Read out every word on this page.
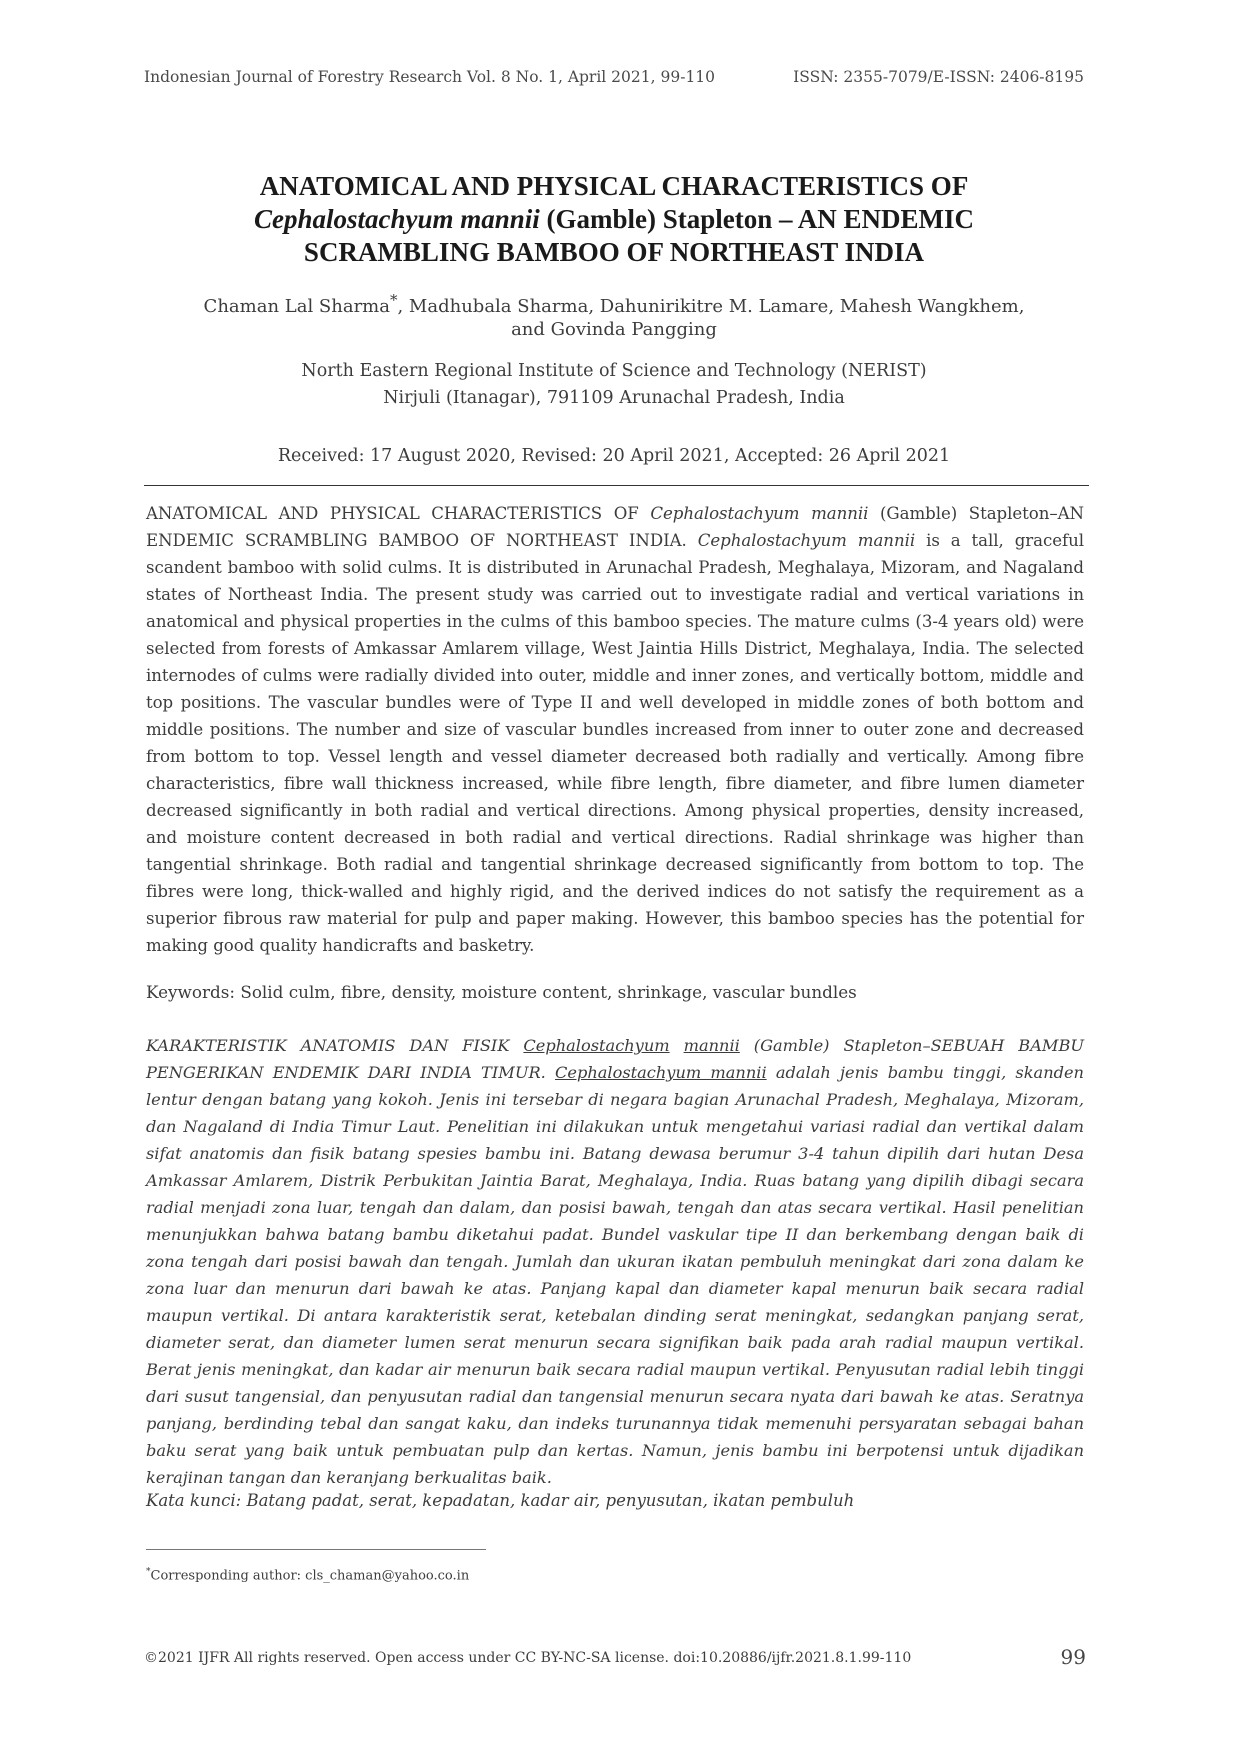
Indonesian Journal of Forestry Research Vol. 8 No. 1, April 2021, 99-110	ISSN: 2355-7079/E-ISSN: 2406-8195
ANATOMICAL AND PHYSICAL CHARACTERISTICS OF
Cephalostachyum mannii (Gamble) Stapleton – AN ENDEMIC
SCRAMBLING BAMBOO OF NORTHEAST INDIA
Chaman Lal Sharma*, Madhubala Sharma, Dahunirikitre M. Lamare, Mahesh Wangkhem,
and Govinda Pangging
North Eastern Regional Institute of Science and Technology (NERIST)
Nirjuli (Itanagar), 791109 Arunachal Pradesh, India
Received: 17 August 2020, Revised: 20 April 2021, Accepted: 26 April 2021
ANATOMICAL AND PHYSICAL CHARACTERISTICS OF Cephalostachyum mannii (Gamble) Stapleton–AN ENDEMIC SCRAMBLING BAMBOO OF NORTHEAST INDIA. Cephalostachyum mannii is a tall, graceful scandent bamboo with solid culms. It is distributed in Arunachal Pradesh, Meghalaya, Mizoram, and Nagaland states of Northeast India. The present study was carried out to investigate radial and vertical variations in anatomical and physical properties in the culms of this bamboo species. The mature culms (3-4 years old) were selected from forests of Amkassar Amlarem village, West Jaintia Hills District, Meghalaya, India. The selected internodes of culms were radially divided into outer, middle and inner zones, and vertically bottom, middle and top positions. The vascular bundles were of Type II and well developed in middle zones of both bottom and middle positions. The number and size of vascular bundles increased from inner to outer zone and decreased from bottom to top. Vessel length and vessel diameter decreased both radially and vertically. Among fibre characteristics, fibre wall thickness increased, while fibre length, fibre diameter, and fibre lumen diameter decreased significantly in both radial and vertical directions. Among physical properties, density increased, and moisture content decreased in both radial and vertical directions. Radial shrinkage was higher than tangential shrinkage. Both radial and tangential shrinkage decreased significantly from bottom to top. The fibres were long, thick-walled and highly rigid, and the derived indices do not satisfy the requirement as a superior fibrous raw material for pulp and paper making. However, this bamboo species has the potential for making good quality handicrafts and basketry.
Keywords: Solid culm, fibre, density, moisture content, shrinkage, vascular bundles
KARAKTERISTIK ANATOMIS DAN FISIK Cephalostachyum mannii (Gamble) Stapleton–SEBUAH BAMBU PENGERIKAN ENDEMIK DARI INDIA TIMUR. Cephalostachyum mannii adalah jenis bambu tinggi, skanden lentur dengan batang yang kokoh. Jenis ini tersebar di negara bagian Arunachal Pradesh, Meghalaya, Mizoram, dan Nagaland di India Timur Laut. Penelitian ini dilakukan untuk mengetahui variasi radial dan vertikal dalam sifat anatomis dan fisik batang spesies bambu ini. Batang dewasa berumur 3-4 tahun dipilih dari hutan Desa Amkassar Amlarem, Distrik Perbukitan Jaintia Barat, Meghalaya, India. Ruas batang yang dipilih dibagi secara radial menjadi zona luar, tengah dan dalam, dan posisi bawah, tengah dan atas secara vertikal. Hasil penelitian menunjukkan bahwa batang bambu diketahui padat. Bundel vaskular tipe II dan berkembang dengan baik di zona tengah dari posisi bawah dan tengah. Jumlah dan ukuran ikatan pembuluh meningkat dari zona dalam ke zona luar dan menurun dari bawah ke atas. Panjang kapal dan diameter kapal menurun baik secara radial maupun vertikal. Di antara karakteristik serat, ketebalan dinding serat meningkat, sedangkan panjang serat, diameter serat, dan diameter lumen serat menurun secara signifikan baik pada arah radial maupun vertikal. Berat jenis meningkat, dan kadar air menurun baik secara radial maupun vertikal. Penyusutan radial lebih tinggi dari susut tangensial, dan penyusutan radial dan tangensial menurun secara nyata dari bawah ke atas. Seratnya panjang, berdinding tebal dan sangat kaku, dan indeks turunannya tidak memenuhi persyaratan sebagai bahan baku serat yang baik untuk pembuatan pulp dan kertas. Namun, jenis bambu ini berpotensi untuk dijadikan kerajinan tangan dan keranjang berkualitas baik.
Kata kunci: Batang padat, serat, kepadatan, kadar air, penyusutan, ikatan pembuluh
*Corresponding author: cls_chaman@yahoo.co.in
©2021 IJFR All rights reserved. Open access under CC BY-NC-SA license. doi:10.20886/ijfr.2021.8.1.99-110	99
